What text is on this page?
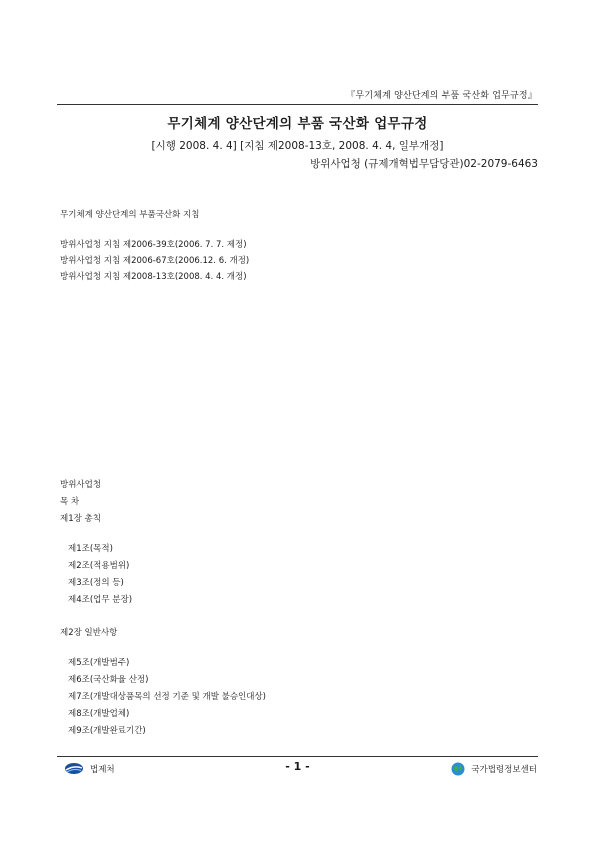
『무기체계 양산단계의 부품 국산화 업무규정』
무기체계 양산단계의 부품 국산화 업무규정
[시행 2008. 4. 4] [지침 제2008-13호, 2008. 4. 4, 일부개정]
방위사업청 (규제개혁법무담당관)02-2079-6463
무기체계 양산단계의 부품국산화 지침
방위사업청 지침 제2006-39호(2006. 7. 7. 제정)
방위사업청 지침 제2006-67호(2006.12. 6. 개정)
방위사업청 지침 제2008-13호(2008. 4. 4. 개정)
방위사업청
목 차
제1장 총칙
제1조(목적)
제2조(적용범위)
제3조(정의 등)
제4조(업무 분장)
제2장 일반사항
제5조(개발범주)
제6조(국산화율 산정)
제7조(개발대상품목의 선정 기준 및 개발 불승인대상)
제8조(개발업체)
제9조(개발완료기간)
법제처	- 1 -	국가법령정보센터
